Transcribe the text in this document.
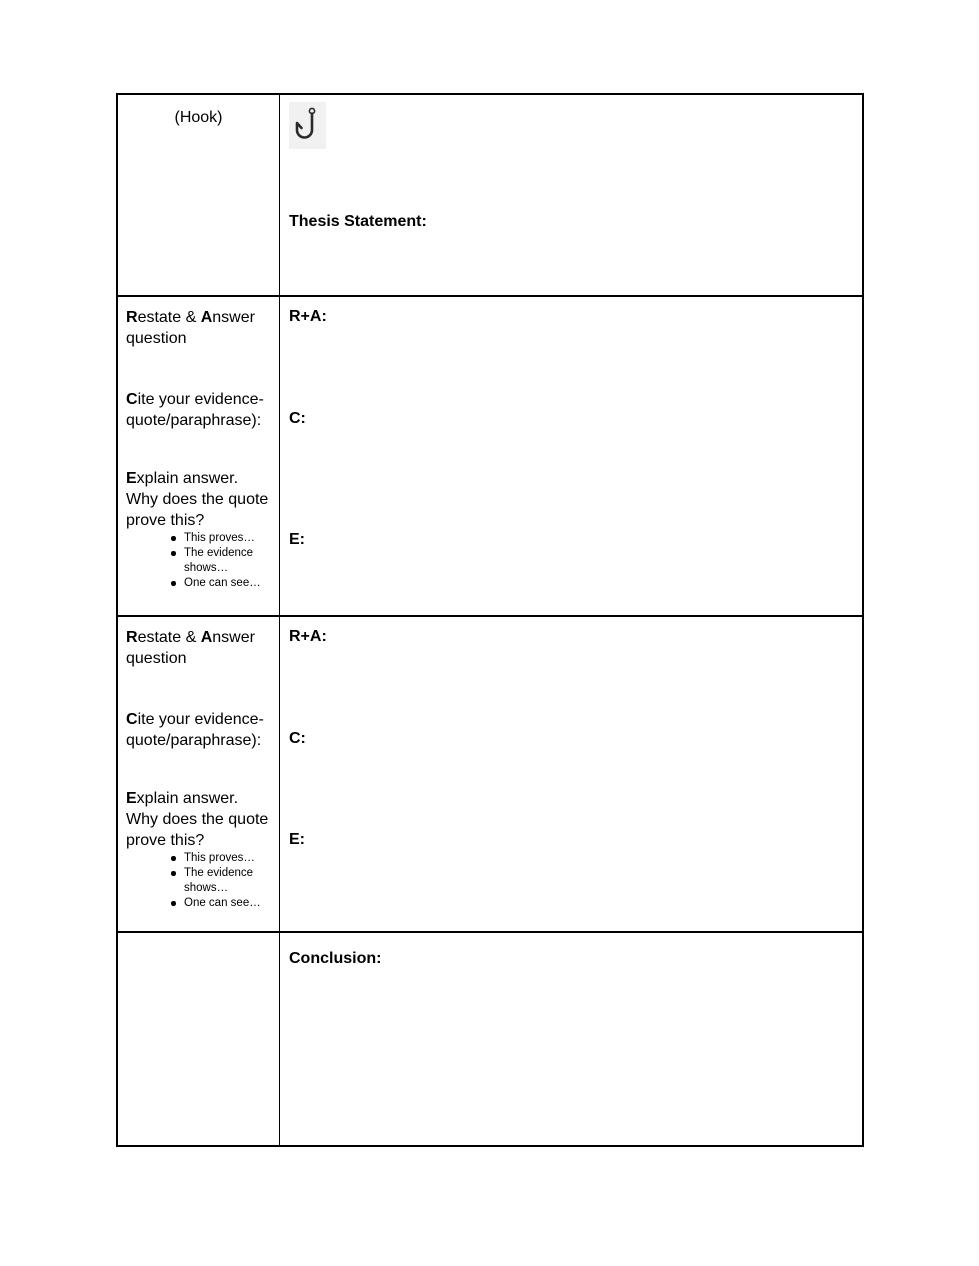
(Hook)

Thesis Statement:

Restate & Answer question

Cite your evidence-quote/paraphrase):

Explain answer. Why does the quote prove this?

This proves…
The evidence shows…
One can see…

R+A:

C:

E:

Restate & Answer question

Cite your evidence-quote/paraphrase):

Explain answer. Why does the quote prove this?

This proves…
The evidence shows…
One can see…

R+A:

C:

E:

Conclusion:
